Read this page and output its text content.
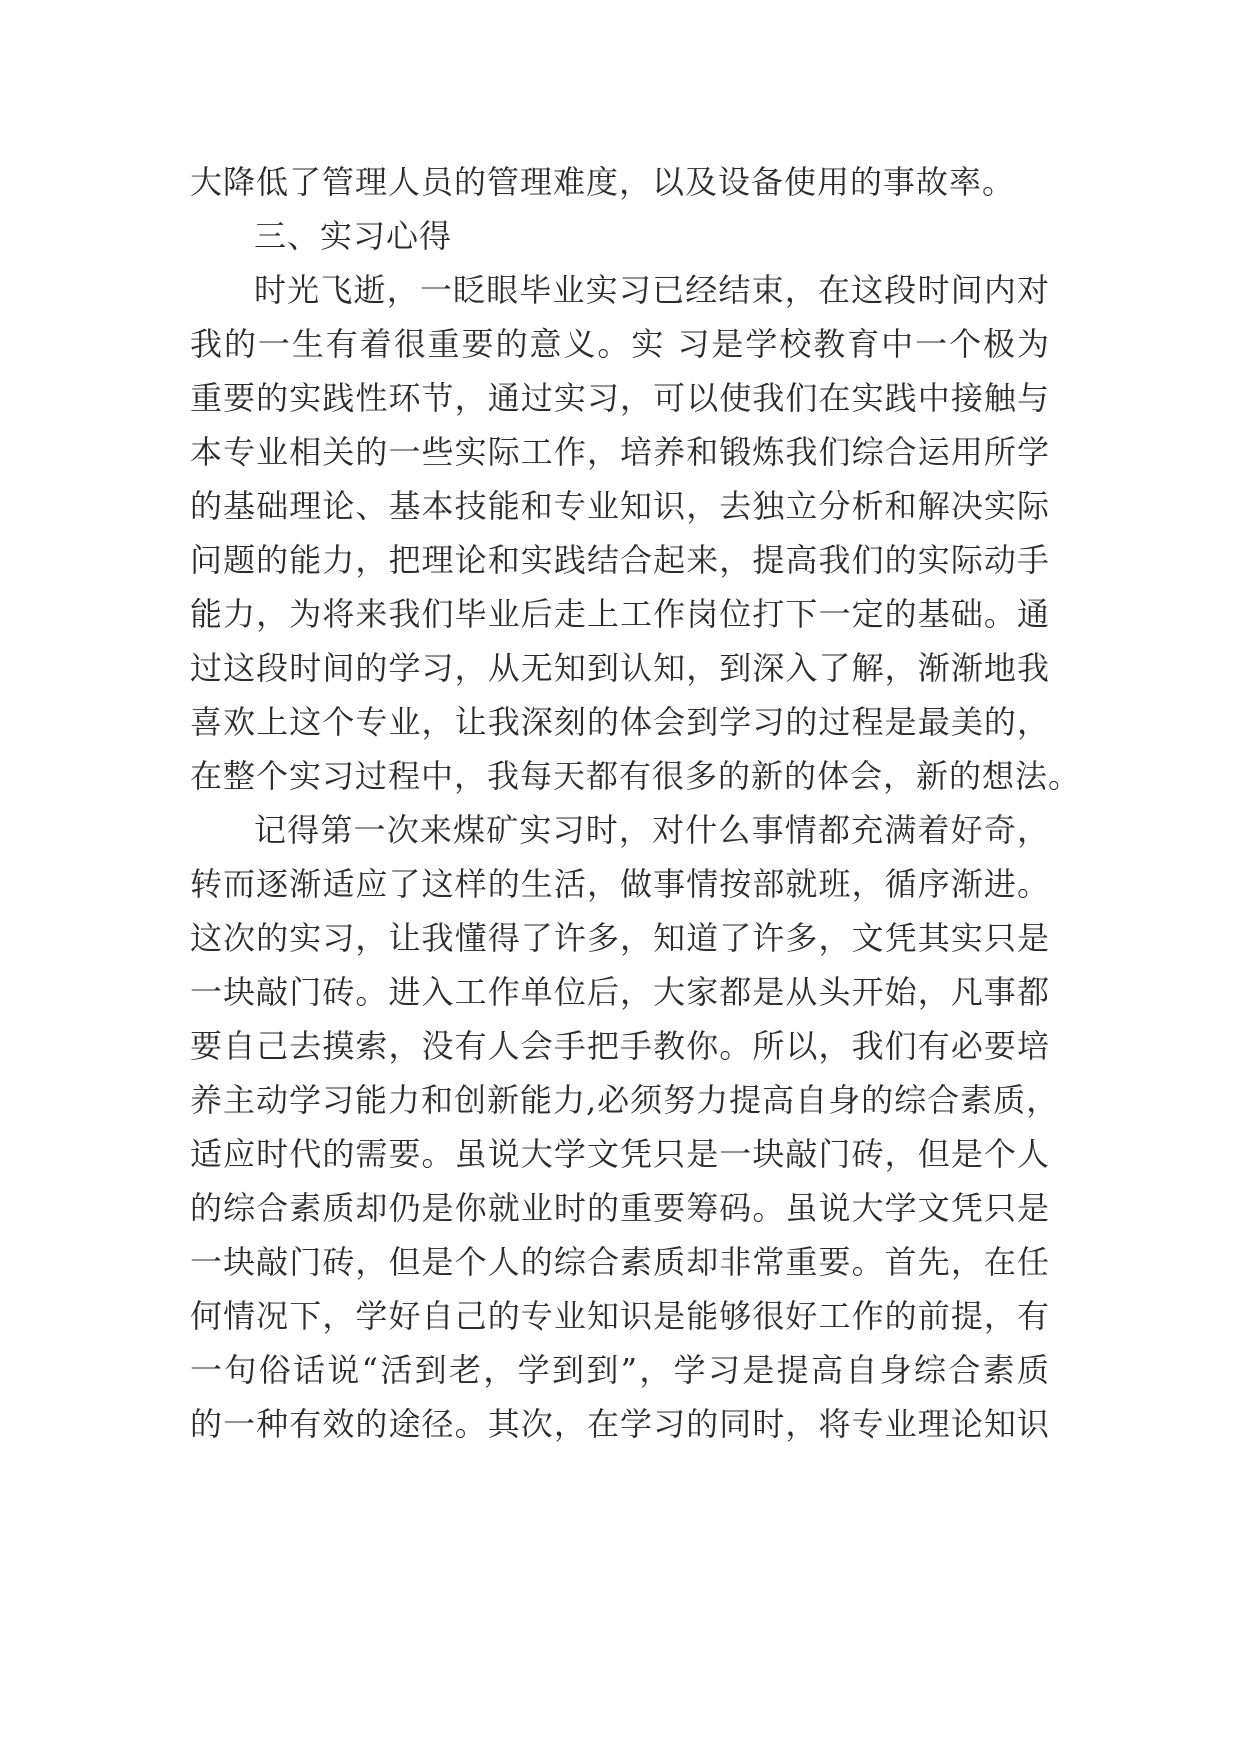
大降低了管理人员的管理难度，以及设备使用的事故率。
三、实习心得
时光飞逝，一眨眼毕业实习已经结束，在这段时间内对
我的一生有着很重要的意义。实 习是学校教育中一个极为
重要的实践性环节，通过实习，可以使我们在实践中接触与
本专业相关的一些实际工作，培养和锻炼我们综合运用所学
的基础理论、基本技能和专业知识，去独立分析和解决实际
问题的能力，把理论和实践结合起来，提高我们的实际动手
能力，为将来我们毕业后走上工作岗位打下一定的基础。通
过这段时间的学习，从无知到认知，到深入了解，渐渐地我
喜欢上这个专业，让我深刻的体会到学习的过程是最美的，
在整个实习过程中，我每天都有很多的新的体会，新的想法。
记得第一次来煤矿实习时，对什么事情都充满着好奇，
转而逐渐适应了这样的生活，做事情按部就班，循序渐进。
这次的实习，让我懂得了许多，知道了许多，文凭其实只是
一块敲门砖。进入工作单位后，大家都是从头开始，凡事都
要自己去摸索，没有人会手把手教你。所以，我们有必要培
养主动学习能力和创新能力,必须努力提高自身的综合素质，
适应时代的需要。虽说大学文凭只是一块敲门砖，但是个人
的综合素质却仍是你就业时的重要筹码。虽说大学文凭只是
一块敲门砖，但是个人的综合素质却非常重要。首先，在任
何情况下，学好自己的专业知识是能够很好工作的前提，有
一句俗话说“活到老，学到到”，学习是提高自身综合素质
的一种有效的途径。其次，在学习的同时，将专业理论知识
